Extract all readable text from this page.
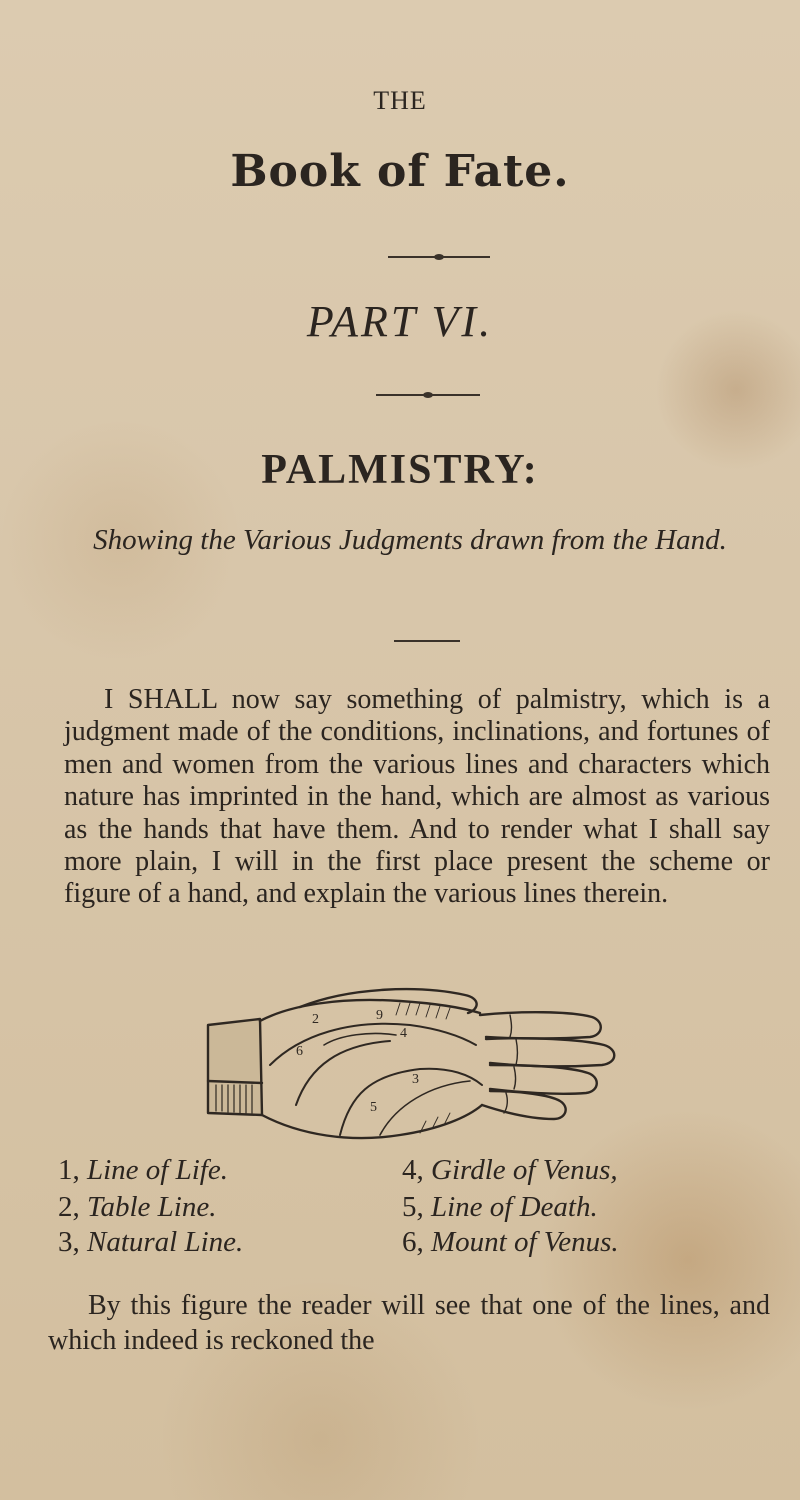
THE

Book of Fate.

PART VI.

PALMISTRY:

Showing the Various Judgments drawn from the Hand.

I SHALL now say something of palmistry, which is a judgment made of the conditions, inclinations, and fortunes of men and women from the various lines and characters which nature has imprinted in the hand, which are almost as various as the hands that have them. And to render what I shall say more plain, I will in the first place present the scheme or figure of a hand, and explain the various lines therein.

2	9
4
3
5
6
1, Line of Life.
2, Table Line.
3, Natural Line.
4, Girdle of Venus,
5, Line of Death.
6, Mount of Venus.

By this figure the reader will see that one of the lines, and which indeed is reckoned the
